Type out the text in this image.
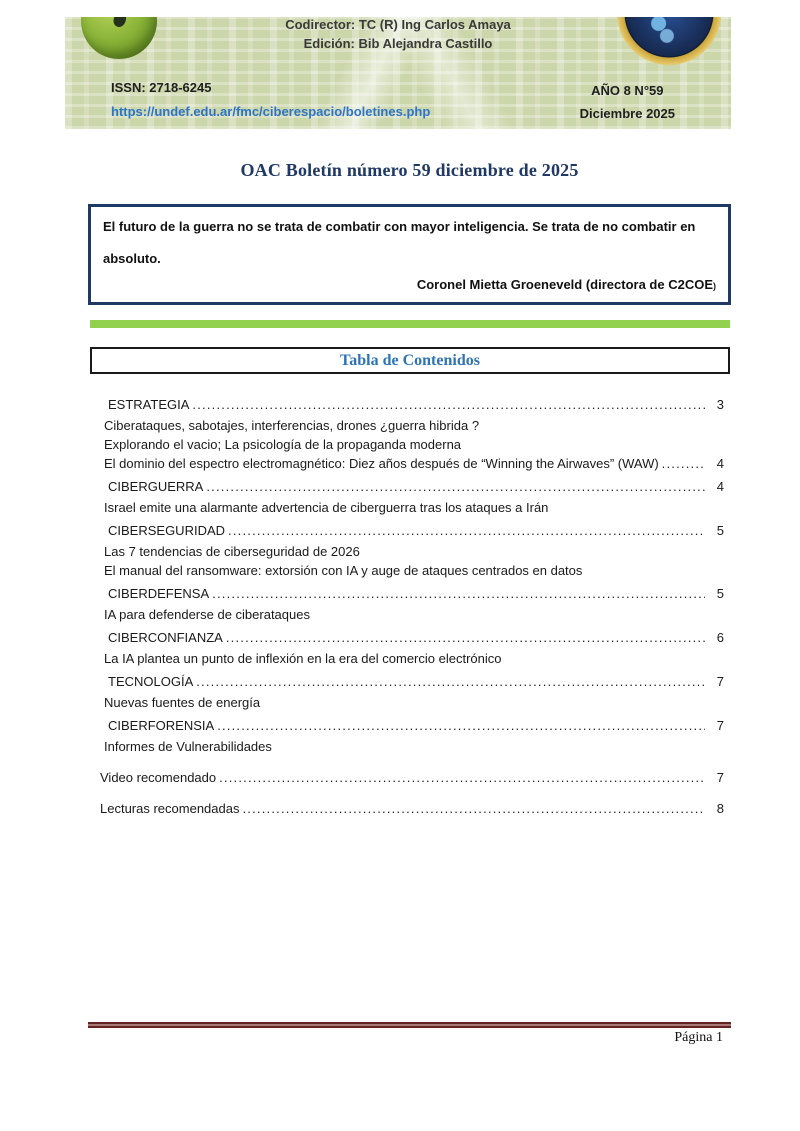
Codirector: TC (R) Ing Carlos Amaya
Edición: Bib Alejandra Castillo
ISSN: 2718-6245
https://undef.edu.ar/fmc/ciberespacio/boletines.php
AÑO 8 N°59
Diciembre 2025
OAC Boletín número 59 diciembre de 2025

El futuro de la guerra no se trata de combatir con mayor inteligencia. Se trata de no combatir en absoluto.

Coronel Mietta Groeneveld (directora de C2COE)

Tabla de Contenidos
ESTRATEGIA .....	3
Ciberataques, sabotajes, interferencias, drones ¿guerra hibrida ?
Explorando el vacio; La psicología de la propaganda moderna
El dominio del espectro electromagnético: Diez años después de “Winning the Airwaves” (WAW) .....	4
CIBERGUERRA .....	4
Israel emite una alarmante advertencia de ciberguerra tras los ataques a Irán
CIBERSEGURIDAD .....	5
Las 7 tendencias de ciberseguridad de 2026
El manual del ransomware: extorsión con IA y auge de ataques centrados en datos
CIBERDEFENSA .....	5
IA para defenderse de ciberataques
CIBERCONFIANZA .....	6
La IA plantea un punto de inflexión en la era del comercio electrónico
TECNOLOGÍA .....	7
Nuevas fuentes de energía
CIBERFORENSIA .....	7
Informes de Vulnerabilidades
Video recomendado .....	7
Lecturas recomendadas .....	8
Página 1
